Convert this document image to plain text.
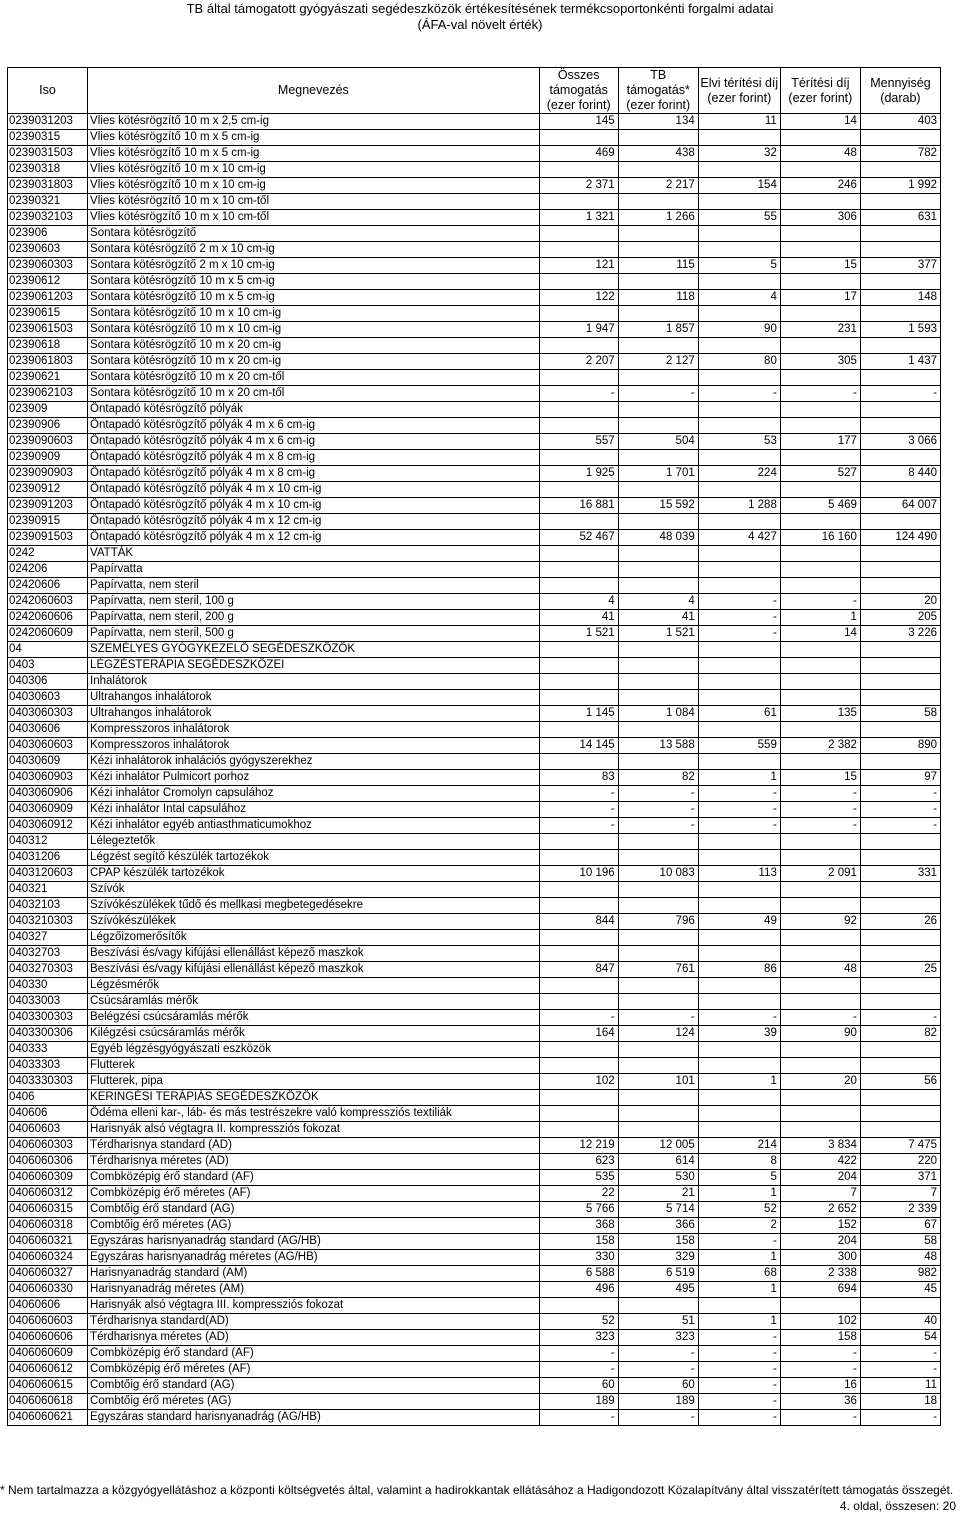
TB által támogatott gyógyászati segédeszközök értékesítésének termékcsoportonkénti forgalmi adatai
(ÁFA-val növelt érték)
Iso	Megnevezés	Összes támogatás (ezer forint)	TB támogatás* (ezer forint)	Elvi térítési díj (ezer forint)	Térítési díj (ezer forint)	Mennyiség (darab)
0239031203	Vlies kötésrögzítő 10 m x 2,5 cm-ig	145	134	11	14	403
02390315	Vlies kötésrögzítő 10 m x 5 cm-ig					
0239031503	Vlies kötésrögzítő 10 m x 5 cm-ig	469	438	32	48	782
02390318	Vlies kötésrögzítő 10 m x 10 cm-ig					
0239031803	Vlies kötésrögzítő 10 m x 10 cm-ig	2 371	2 217	154	246	1 992
02390321	Vlies kötésrögzítő 10 m x 10 cm-től					
0239032103	Vlies kötésrögzítő 10 m x 10 cm-től	1 321	1 266	55	306	631
023906	Sontara kötésrögzítő					
02390603	Sontara kötésrögzítő 2 m x 10 cm-ig					
0239060303	Sontara kötésrögzítő 2 m x 10 cm-ig	121	115	5	15	377
02390612	Sontara kötésrögzítő 10 m x 5 cm-ig					
0239061203	Sontara kötésrögzítő 10 m x 5 cm-ig	122	118	4	17	148
02390615	Sontara kötésrögzítő 10 m x 10 cm-ig					
0239061503	Sontara kötésrögzítő 10 m x 10 cm-ig	1 947	1 857	90	231	1 593
02390618	Sontara kötésrögzítő 10 m x 20 cm-ig					
0239061803	Sontara kötésrögzítő 10 m x 20 cm-ig	2 207	2 127	80	305	1 437
02390621	Sontara kötésrögzítő 10 m x 20 cm-től					
0239062103	Sontara kötésrögzítő 10 m x 20 cm-től	-	-	-	-	-
023909	Öntapadó kötésrögzítő pólyák					
02390906	Öntapadó kötésrögzítő pólyák 4 m x 6 cm-ig					
0239090603	Öntapadó kötésrögzítő pólyák 4 m x 6 cm-ig	557	504	53	177	3 066
02390909	Öntapadó kötésrögzítő pólyák 4 m x 8 cm-ig					
0239090903	Öntapadó kötésrögzítő pólyák 4 m x 8 cm-ig	1 925	1 701	224	527	8 440
02390912	Öntapadó kötésrögzítő pólyák 4 m x 10 cm-ig					
0239091203	Öntapadó kötésrögzítő pólyák 4 m x 10 cm-ig	16 881	15 592	1 288	5 469	64 007
02390915	Öntapadó kötésrögzítő pólyák 4 m x 12 cm-ig					
0239091503	Öntapadó kötésrögzítő pólyák 4 m x 12 cm-ig	52 467	48 039	4 427	16 160	124 490
0242	VATTÁK					
024206	Papírvatta					
02420606	Papírvatta, nem steril					
0242060603	Papírvatta, nem steril, 100 g	4	4	-	-	20
0242060606	Papírvatta, nem steril, 200 g	41	41	-	1	205
0242060609	Papírvatta, nem steril, 500 g	1 521	1 521	-	14	3 226
04	SZEMÉLYES GYÓGYKEZELŐ SEGÉDESZKÖZÖK					
0403	LÉGZÉSTERÁPIA SEGÉDESZKÖZEI					
040306	Inhalátorok					
04030603	Ultrahangos inhalátorok					
0403060303	Ultrahangos inhalátorok	1 145	1 084	61	135	58
04030606	Kompresszoros inhalátorok					
0403060603	Kompresszoros inhalátorok	14 145	13 588	559	2 382	890
04030609	Kézi inhalátorok inhalációs gyógyszerekhez					
0403060903	Kézi inhalátor Pulmicort porhoz	83	82	1	15	97
0403060906	Kézi inhalátor Cromolyn capsulához	-	-	-	-	-
0403060909	Kézi inhalátor Intal capsulához	-	-	-	-	-
0403060912	Kézi inhalátor egyéb antiasthmaticumokhoz	-	-	-	-	-
040312	Lélegeztetők					
04031206	Légzést segítő készülék tartozékok					
0403120603	CPAP készülék tartozékok	10 196	10 083	113	2 091	331
040321	Szívók					
04032103	Szívókészülékek tűdő és mellkasi megbetegedésekre					
0403210303	Szívókészülékek	844	796	49	92	26
040327	Légzőizomerősítők					
04032703	Beszívási és/vagy kifújási ellenállást képező maszkok					
0403270303	Beszívási és/vagy kifújási ellenállást képező maszkok	847	761	86	48	25
040330	Légzésmérők					
04033003	Csúcsáramlás mérők					
0403300303	Belégzési csúcsáramlás mérők	-	-	-	-	-
0403300306	Kilégzési csúcsáramlás mérők	164	124	39	90	82
040333	Egyéb légzésgyógyászati eszközök					
04033303	Flutterek					
0403330303	Flutterek, pipa	102	101	1	20	56
0406	KERINGÉSI TERÁPIÁS SEGÉDESZKÖZÖK					
040606	Ödéma elleni kar-, láb- és más testrészekre való kompressziós textiliák					
04060603	Harisnyák alsó végtagra II. kompressziós fokozat					
0406060303	Térdharisnya standard (AD)	12 219	12 005	214	3 834	7 475
0406060306	Térdharisnya méretes (AD)	623	614	8	422	220
0406060309	Combközépig érő standard (AF)	535	530	5	204	371
0406060312	Combközépig érő méretes (AF)	22	21	1	7	7
0406060315	Combtőig érő standard (AG)	5 766	5 714	52	2 652	2 339
0406060318	Combtőig érő méretes (AG)	368	366	2	152	67
0406060321	Egyszáras harisnyanadrág standard (AG/HB)	158	158	-	204	58
0406060324	Egyszáras harisnyanadrág méretes (AG/HB)	330	329	1	300	48
0406060327	Harisnyanadrág standard (AM)	6 588	6 519	68	2 338	982
0406060330	Harisnyanadrág méretes (AM)	496	495	1	694	45
04060606	Harisnyák alsó végtagra III. kompressziós fokozat					
0406060603	Térdharisnya standard(AD)	52	51	1	102	40
0406060606	Térdharisnya méretes (AD)	323	323	-	158	54
0406060609	Combközépig érő standard (AF)	-	-	-	-	-
0406060612	Combközépig érő méretes (AF)	-	-	-	-	-
0406060615	Combtőig érő standard (AG)	60	60	-	16	11
0406060618	Combtőig érő méretes (AG)	189	189	-	36	18
0406060621	Egyszáras standard harisnyanadrág (AG/HB)	-	-	-	-	-
* Nem tartalmazza a közgyógyellátáshoz a központi költségvetés által, valamint a hadirokkantak ellátásához a Hadigondozott Közalapítvány által visszatérített támogatás összegét.
4. oldal, összesen: 20
